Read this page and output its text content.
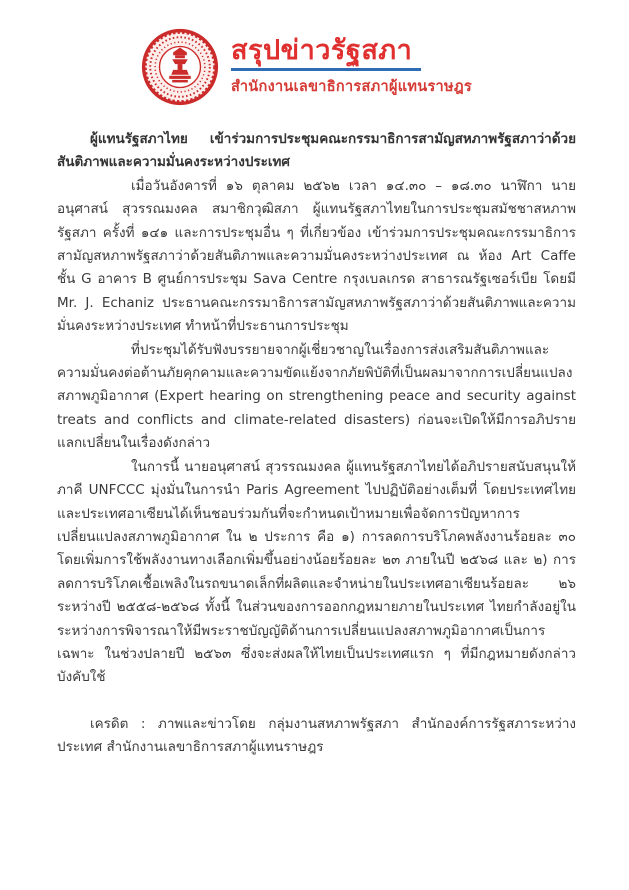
สรุปข่าวรัฐสภา
สำนักงานเลขาธิการสภาผู้แทนราษฎร

ผู้แทนรัฐสภาไทย เข้าร่วมการประชุมคณะกรรมาธิการสามัญสหภาพรัฐสภาว่าด้วยสันติภาพและความมั่นคงระหว่างประเทศ

เมื่อวันอังคารที่ ๑๖ ตุลาคม ๒๕๖๒ เวลา ๑๔.๓๐ – ๑๘.๓๐ นาฬิกา นายอนุศาสน์ สุวรรณมงคล สมาชิกวุฒิสภา ผู้แทนรัฐสภาไทยในการประชุมสมัชชาสหภาพรัฐสภา ครั้งที่ ๑๔๑ และการประชุมอื่น ๆ ที่เกี่ยวข้อง เข้าร่วมการประชุมคณะกรรมาธิการสามัญสหภาพรัฐสภาว่าด้วยสันติภาพและความมั่นคงระหว่างประเทศ ณ ห้อง Art Caffe ชั้น G อาคาร B ศูนย์การประชุม Sava Centre กรุงเบลเกรด สาธารณรัฐเซอร์เบีย โดยมี Mr. J. Echaniz ประธานคณะกรรมาธิการสามัญสหภาพรัฐสภาว่าด้วยสันติภาพและความมั่นคงระหว่างประเทศ ทำหน้าที่ประธานการประชุม

ที่ประชุมได้รับฟังบรรยายจากผู้เชี่ยวชาญในเรื่องการส่งเสริมสันติภาพและความมั่นคงต่อต้านภัยคุกคามและความขัดแย้งจากภัยพิบัติที่เป็นผลมาจากการเปลี่ยนแปลงสภาพภูมิอากาศ (Expert hearing on strengthening peace and security against treats and conflicts and climate-related disasters) ก่อนจะเปิดให้มีการอภิปรายแลกเปลี่ยนในเรื่องดังกล่าว

ในการนี้ นายอนุศาสน์ สุวรรณมงคล ผู้แทนรัฐสภาไทยได้อภิปรายสนับสนุนให้ภาคี UNFCCC มุ่งมั่นในการนำ Paris Agreement ไปปฏิบัติอย่างเต็มที่ โดยประเทศไทยและประเทศอาเซียนได้เห็นชอบร่วมกันที่จะกำหนดเป้าหมายเพื่อจัดการปัญหาการเปลี่ยนแปลงสภาพภูมิอากาศ ใน ๒ ประการ คือ ๑) การลดการบริโภคพลังงานร้อยละ ๓๐ โดยเพิ่มการใช้พลังงานทางเลือกเพิ่มขึ้นอย่างน้อยร้อยละ ๒๓ ภายในปี ๒๕๖๘ และ ๒) การลดการบริโภคเชื้อเพลิงในรถขนาดเล็กที่ผลิตและจำหน่ายในประเทศอาเซียนร้อยละ ๒๖ ระหว่างปี ๒๕๕๘-๒๕๖๘ ทั้งนี้ ในส่วนของการออกกฎหมายภายในประเทศ ไทยกำลังอยู่ในระหว่างการพิจารณาให้มีพระราชบัญญัติด้านการเปลี่ยนแปลงสภาพภูมิอากาศเป็นการเฉพาะ ในช่วงปลายปี ๒๕๖๓ ซึ่งจะส่งผลให้ไทยเป็นประเทศแรก ๆ ที่มีกฎหมายดังกล่าวบังคับใช้

เครดิต : ภาพและข่าวโดย กลุ่มงานสหภาพรัฐสภา สำนักองค์การรัฐสภาระหว่างประเทศ สำนักงานเลขาธิการสภาผู้แทนราษฎร
